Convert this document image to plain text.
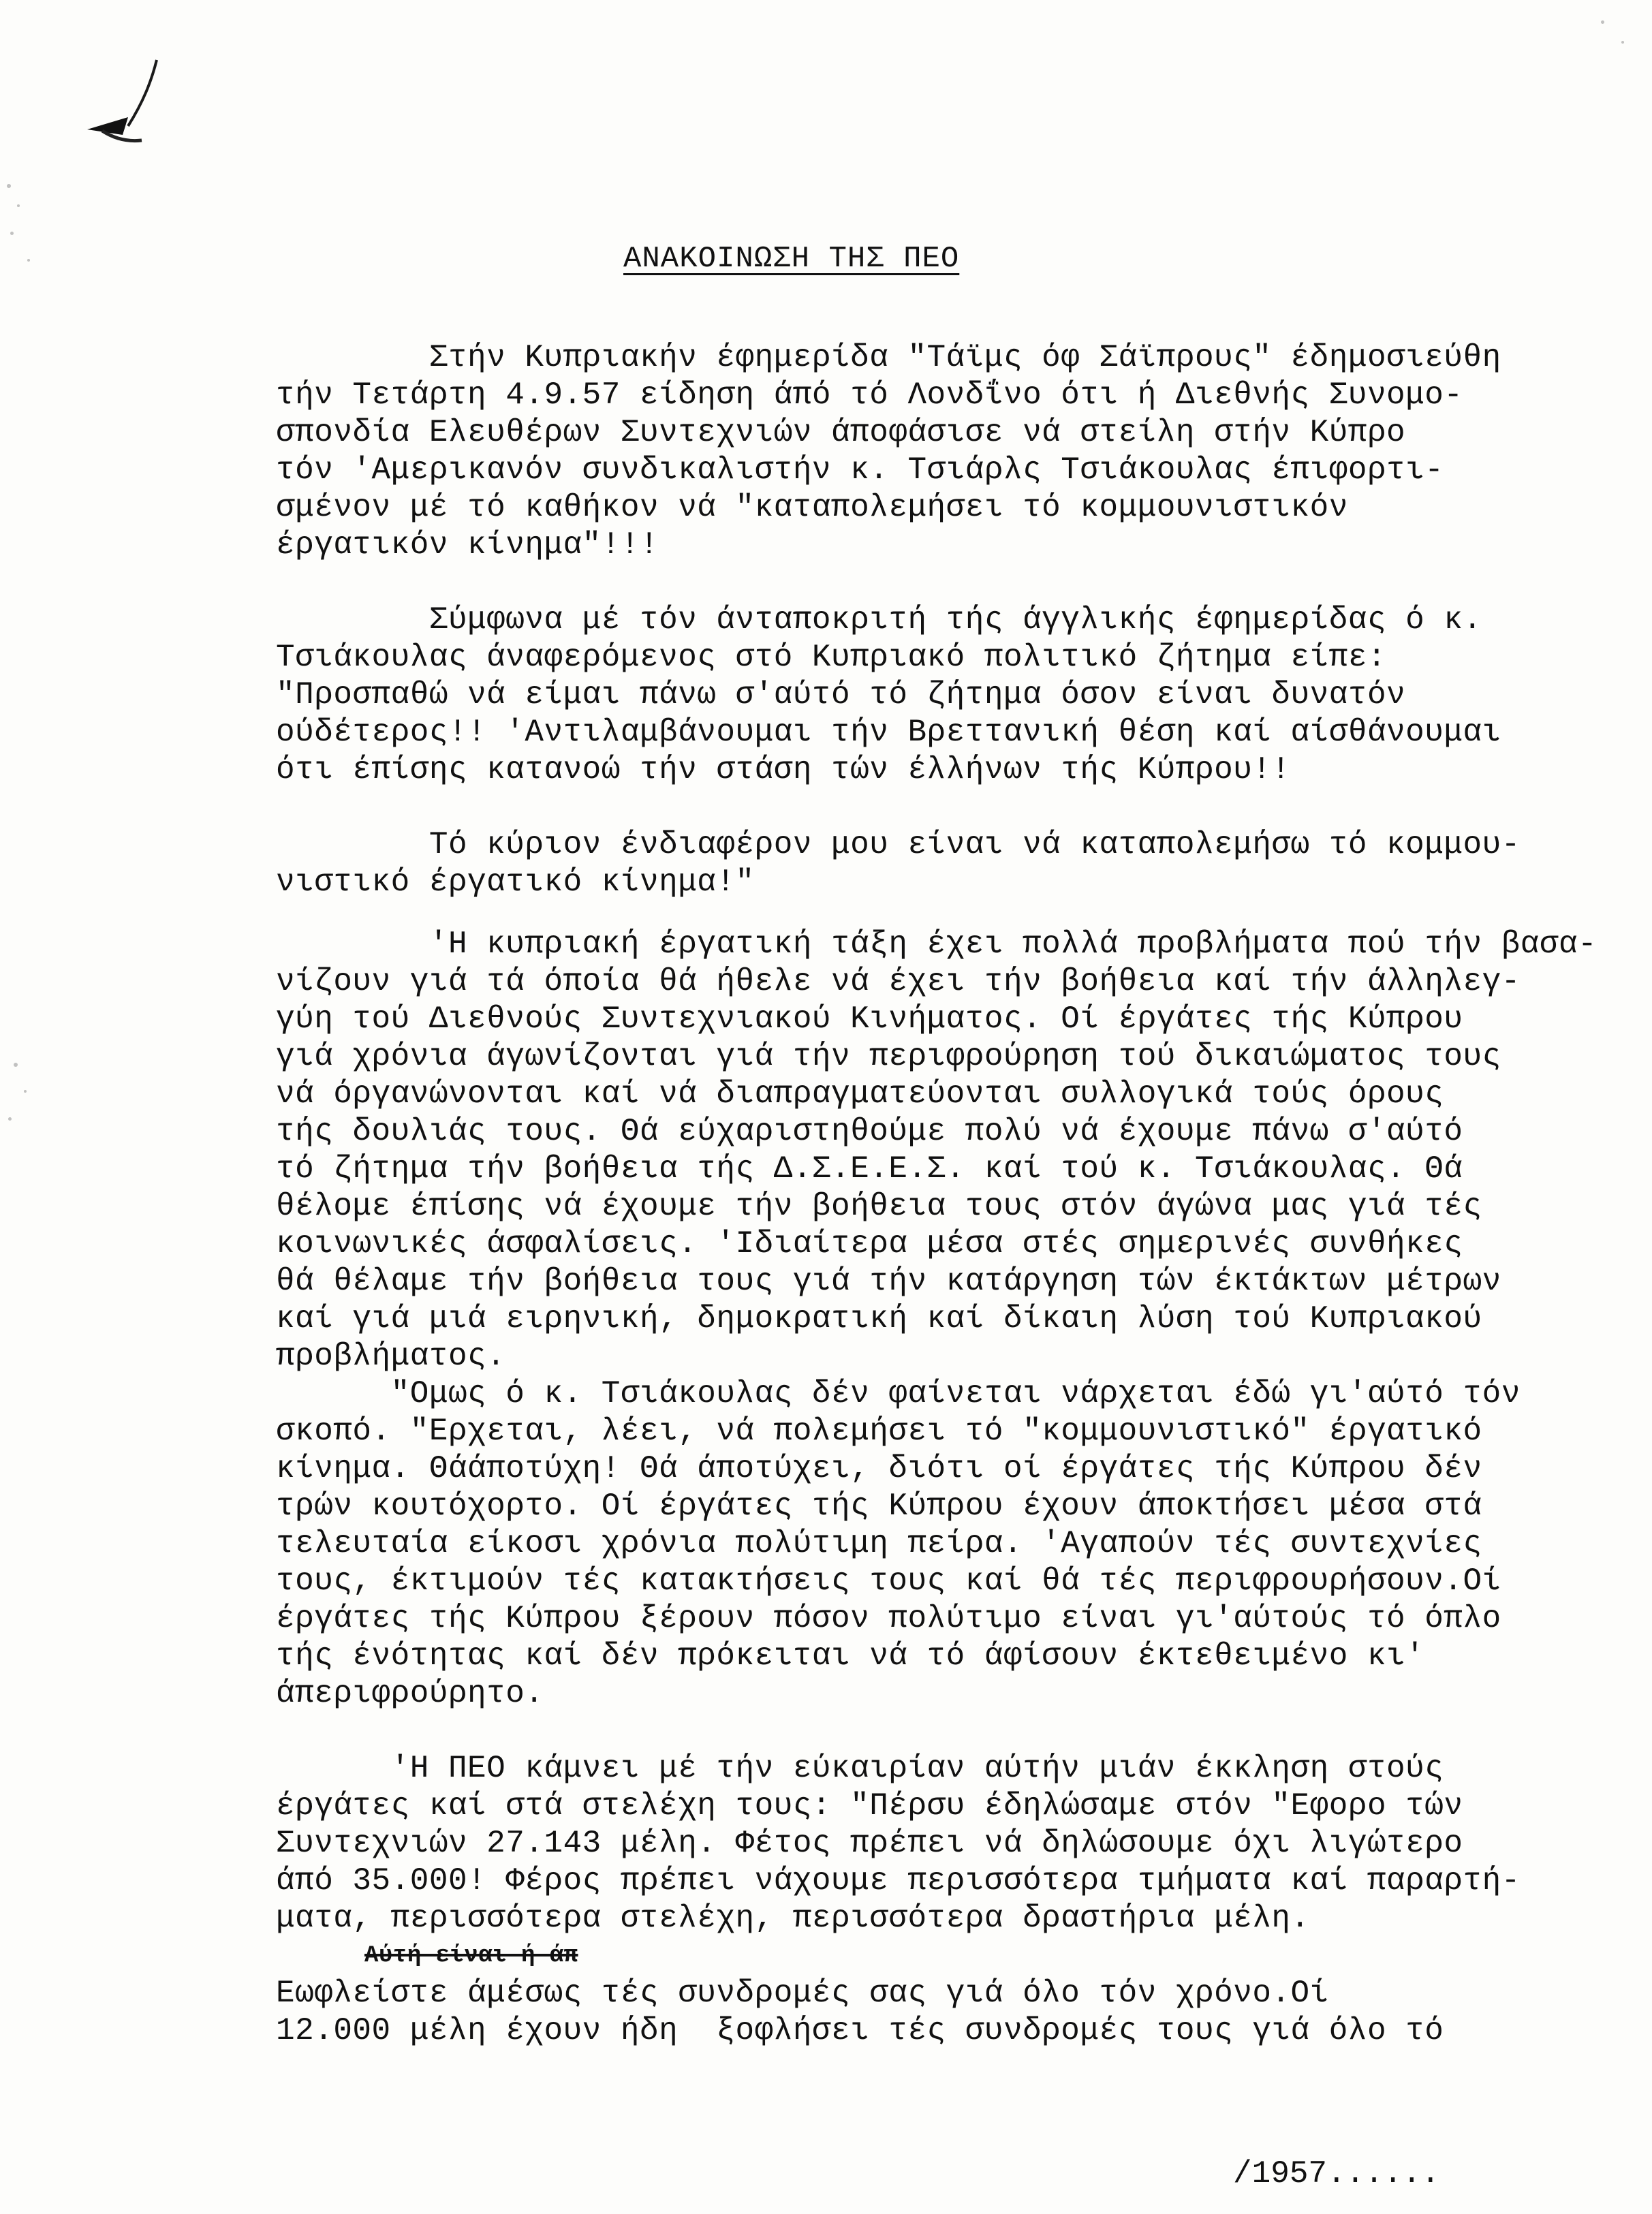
ΑΝΑΚΟΙΝΩΣΗ ΤΗΣ ΠΕΟ
Στήν Κυπριακήν έφημερίδα "Τάϊμς όφ Σάϊπρους" έδημοσιεύθη
τήν Τετάρτη 4.9.57 είδηση άπό τό Λονδΐνο ότι ή Διεθνής Συνομο-
σπονδία Ελευθέρων Συντεχνιών άποφάσισε νά στείλη στήν Κύπρο
τόν 'Αμερικανόν συνδικαλιστήν κ. Τσιάρλς Τσιάκουλας έπιφορτι-
σμένον μέ τό καθήκον νά "καταπολεμήσει τό κομμουνιστικόν
έργατικόν κίνημα"!!!
Σύμφωνα μέ τόν άνταποκριτή τής άγγλικής έφημερίδας ό κ.
Τσιάκουλας άναφερόμενος στό Κυπριακό πολιτικό ζήτημα είπε:
"Προσπαθώ νά είμαι πάνω σ'αύτό τό ζήτημα όσον είναι δυνατόν
ούδέτερος!! 'Αντιλαμβάνουμαι τήν Βρεττανική θέση καί αίσθάνουμαι
ότι έπίσης κατανοώ τήν στάση τών έλλήνων τής Κύπρου!!
Τό κύριον ένδιαφέρον μου είναι νά καταπολεμήσω τό κομμου-
νιστικό έργατικό κίνημα!"
'Η κυπριακή έργατική τάξη έχει πολλά προβλήματα πού τήν βασα-
νίζουν γιά τά όποία θά ήθελε νά έχει τήν βοήθεια καί τήν άλληλεγ-
γύη τού Διεθνούς Συντεχνιακού Κινήματος. Οί έργάτες τής Κύπρου
γιά χρόνια άγωνίζονται γιά τήν περιφρούρηση τού δικαιώματος τους
νά όργανώνονται καί νά διαπραγματεύονται συλλογικά τούς όρους
τής δουλιάς τους. Θά εύχαριστηθούμε πολύ νά έχουμε πάνω σ'αύτό
τό ζήτημα τήν βοήθεια τής Δ.Σ.Ε.Ε.Σ. καί τού κ. Τσιάκουλας. Θά
θέλομε έπίσης νά έχουμε τήν βοήθεια τους στόν άγώνα μας γιά τές
κοινωνικές άσφαλίσεις. 'Ιδιαίτερα μέσα στές σημερινές συνθήκες
θά θέλαμε τήν βοήθεια τους γιά τήν κατάργηση τών έκτάκτων μέτρων
καί γιά μιά ειρηνική, δημοκρατική καί δίκαιη λύση τού Κυπριακού
προβλήματος.
"Ομως ό κ. Τσιάκουλας δέν φαίνεται νάρχεται έδώ γι'αύτό τόν
σκοπό. "Ερχεται, λέει, νά πολεμήσει τό "κομμουνιστικό" έργατικό
κίνημα. Θάάποτύχη! Θά άποτύχει, διότι οί έργάτες τής Κύπρου δέν
τρών κουτόχορτο. Οί έργάτες τής Κύπρου έχουν άποκτήσει μέσα στά
τελευταία είκοσι χρόνια πολύτιμη πείρα. 'Αγαπούν τές συντεχνίες
τους, έκτιμούν τές κατακτήσεις τους καί θά τές περιφρουρήσουν.Οί
έργάτες τής Κύπρου ξέρουν πόσον πολύτιμο είναι γι'αύτούς τό όπλο
τής ένότητας καί δέν πρόκειται νά τό άφίσουν έκτεθειμένο κι'
άπεριφρούρητο.
'Η ΠΕΟ κάμνει μέ τήν εύκαιρίαν αύτήν μιάν έκκληση στούς
έργάτες καί στά στελέχη τους: "Πέρσυ έδηλώσαμε στόν "Εφορο τών
Συντεχνιών 27.143 μέλη. Φέτος πρέπει νά δηλώσουμε όχι λιγώτερο
άπό 35.000! Φέρος πρέπει νάχουμε περισσότερα τμήματα καί παραρτή-
ματα, περισσότερα στελέχη, περισσότερα δραστήρια μέλη.
Αύτή είναι ή άπ
Εωφλείστε άμέσως τές συνδρομές σας γιά όλο τόν χρόνο.Οί
12.000 μέλη έχουν ήδη  ξοφλήσει τές συνδρομές τους γιά όλο τό
/1957......
